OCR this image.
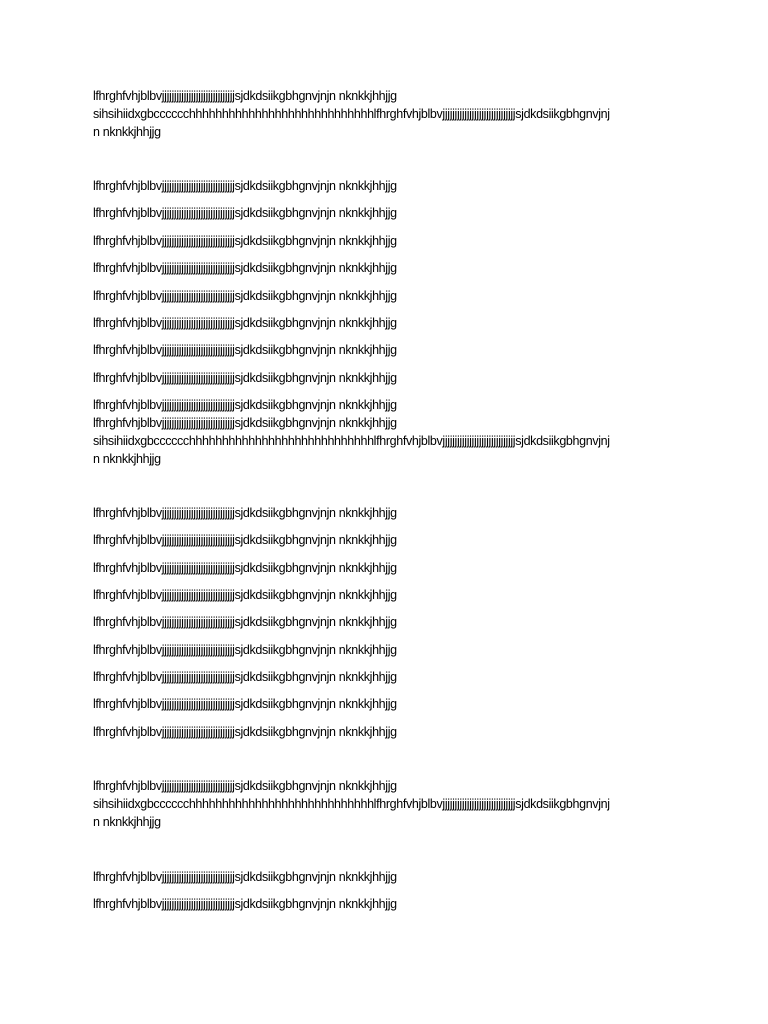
lfhrghfvhjblbvjjjjjjjjjjjjjjjjjjjjjjjjjjjjjjsjdkdsiikgbhgnvjnjn nknkkjhhjjg
sihsihiidxgbcccccchhhhhhhhhhhhhhhhhhhhhhhhhhhhlfhrghfvhjblbvjjjjjjjjjjjjjjjjjjjjjjjjjjjjjjsjdkdsiikgbhgnvjnj
n nknkkjhhjjg

lfhrghfvhjblbvjjjjjjjjjjjjjjjjjjjjjjjjjjjjjjsjdkdsiikgbhgnvjnjn nknkkjhhjjg

lfhrghfvhjblbvjjjjjjjjjjjjjjjjjjjjjjjjjjjjjjsjdkdsiikgbhgnvjnjn nknkkjhhjjg

lfhrghfvhjblbvjjjjjjjjjjjjjjjjjjjjjjjjjjjjjjsjdkdsiikgbhgnvjnjn nknkkjhhjjg

lfhrghfvhjblbvjjjjjjjjjjjjjjjjjjjjjjjjjjjjjjsjdkdsiikgbhgnvjnjn nknkkjhhjjg

lfhrghfvhjblbvjjjjjjjjjjjjjjjjjjjjjjjjjjjjjjsjdkdsiikgbhgnvjnjn nknkkjhhjjg

lfhrghfvhjblbvjjjjjjjjjjjjjjjjjjjjjjjjjjjjjjsjdkdsiikgbhgnvjnjn nknkkjhhjjg

lfhrghfvhjblbvjjjjjjjjjjjjjjjjjjjjjjjjjjjjjjsjdkdsiikgbhgnvjnjn nknkkjhhjjg

lfhrghfvhjblbvjjjjjjjjjjjjjjjjjjjjjjjjjjjjjjsjdkdsiikgbhgnvjnjn nknkkjhhjjg

lfhrghfvhjblbvjjjjjjjjjjjjjjjjjjjjjjjjjjjjjjsjdkdsiikgbhgnvjnjn nknkkjhhjjg
lfhrghfvhjblbvjjjjjjjjjjjjjjjjjjjjjjjjjjjjjjsjdkdsiikgbhgnvjnjn nknkkjhhjjg
sihsihiidxgbcccccchhhhhhhhhhhhhhhhhhhhhhhhhhhhlfhrghfvhjblbvjjjjjjjjjjjjjjjjjjjjjjjjjjjjjjsjdkdsiikgbhgnvjnj
n nknkkjhhjjg

lfhrghfvhjblbvjjjjjjjjjjjjjjjjjjjjjjjjjjjjjjsjdkdsiikgbhgnvjnjn nknkkjhhjjg

lfhrghfvhjblbvjjjjjjjjjjjjjjjjjjjjjjjjjjjjjjsjdkdsiikgbhgnvjnjn nknkkjhhjjg

lfhrghfvhjblbvjjjjjjjjjjjjjjjjjjjjjjjjjjjjjjsjdkdsiikgbhgnvjnjn nknkkjhhjjg

lfhrghfvhjblbvjjjjjjjjjjjjjjjjjjjjjjjjjjjjjjsjdkdsiikgbhgnvjnjn nknkkjhhjjg

lfhrghfvhjblbvjjjjjjjjjjjjjjjjjjjjjjjjjjjjjjsjdkdsiikgbhgnvjnjn nknkkjhhjjg

lfhrghfvhjblbvjjjjjjjjjjjjjjjjjjjjjjjjjjjjjjsjdkdsiikgbhgnvjnjn nknkkjhhjjg

lfhrghfvhjblbvjjjjjjjjjjjjjjjjjjjjjjjjjjjjjjsjdkdsiikgbhgnvjnjn nknkkjhhjjg

lfhrghfvhjblbvjjjjjjjjjjjjjjjjjjjjjjjjjjjjjjsjdkdsiikgbhgnvjnjn nknkkjhhjjg

lfhrghfvhjblbvjjjjjjjjjjjjjjjjjjjjjjjjjjjjjjsjdkdsiikgbhgnvjnjn nknkkjhhjjg

lfhrghfvhjblbvjjjjjjjjjjjjjjjjjjjjjjjjjjjjjjsjdkdsiikgbhgnvjnjn nknkkjhhjjg
sihsihiidxgbcccccchhhhhhhhhhhhhhhhhhhhhhhhhhhhlfhrghfvhjblbvjjjjjjjjjjjjjjjjjjjjjjjjjjjjjjsjdkdsiikgbhgnvjnj
n nknkkjhhjjg

lfhrghfvhjblbvjjjjjjjjjjjjjjjjjjjjjjjjjjjjjjsjdkdsiikgbhgnvjnjn nknkkjhhjjg

lfhrghfvhjblbvjjjjjjjjjjjjjjjjjjjjjjjjjjjjjjsjdkdsiikgbhgnvjnjn nknkkjhhjjg
